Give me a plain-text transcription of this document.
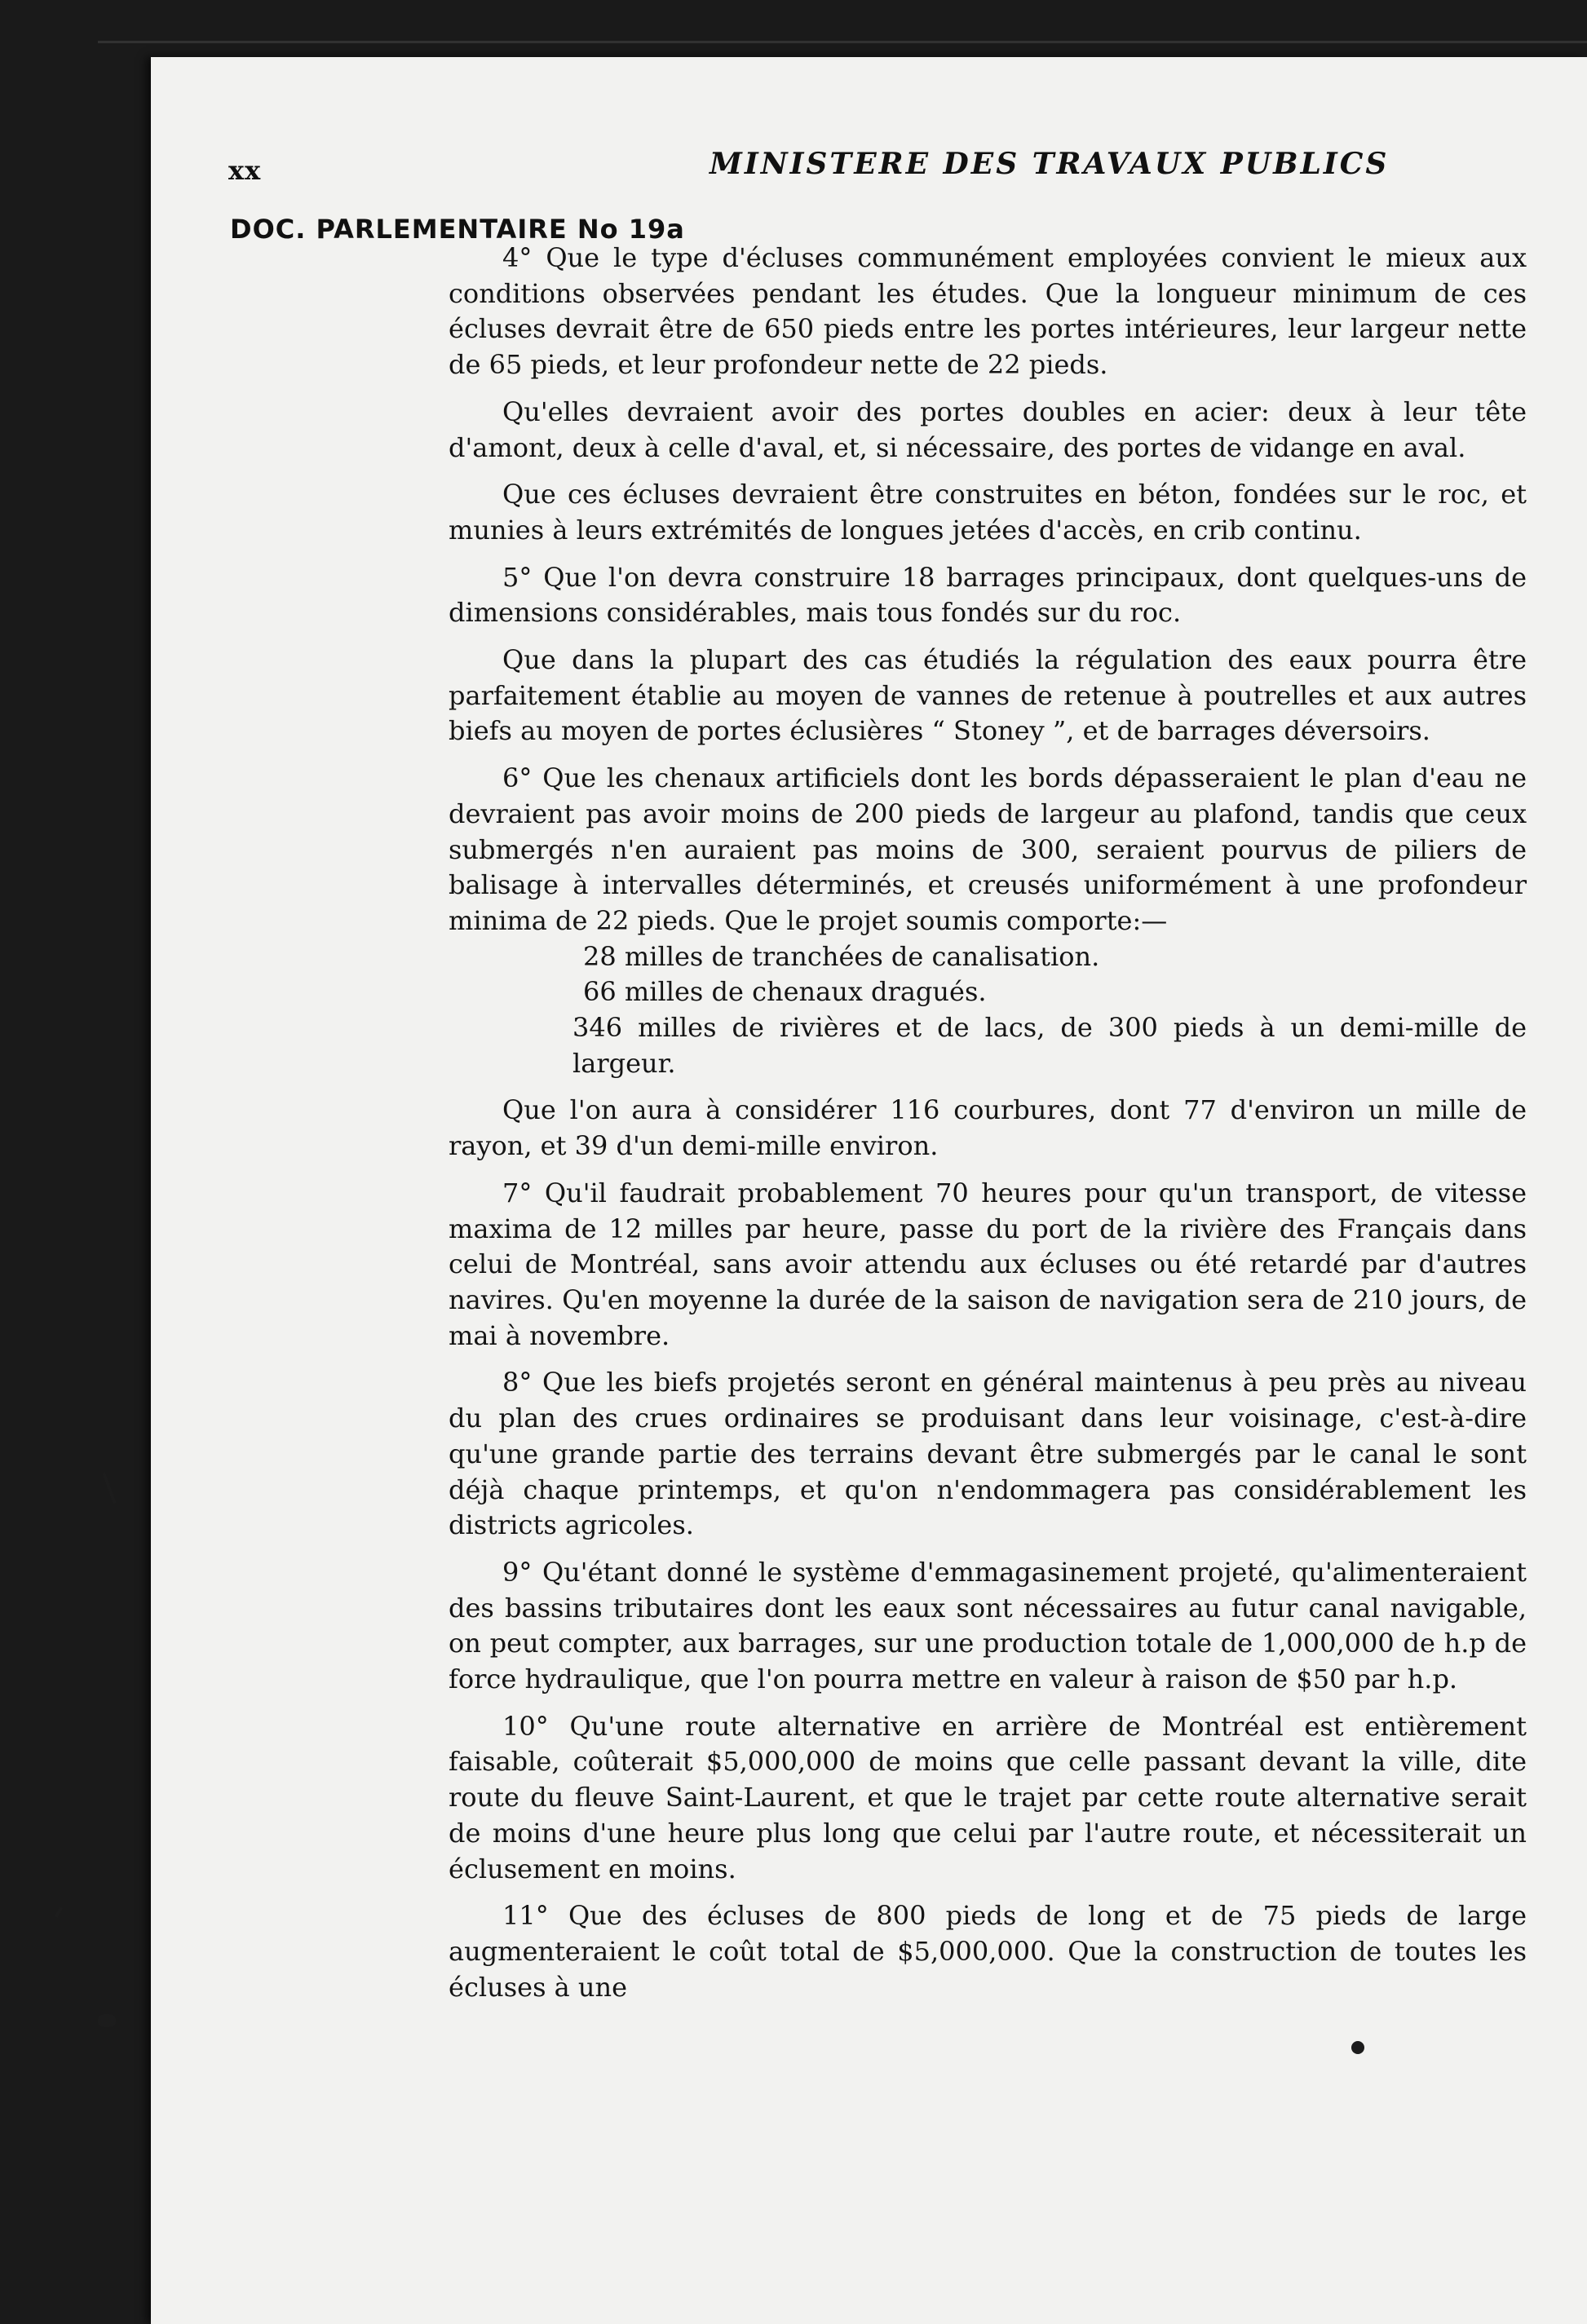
xx	MINISTERE DES TRAVAUX PUBLICS
DOC. PARLEMENTAIRE No 19a

4° Que le type d'écluses communément employées convient le mieux aux conditions observées pendant les études. Que la longueur minimum de ces écluses devrait être de 650 pieds entre les portes intérieures, leur largeur nette de 65 pieds, et leur profondeur nette de 22 pieds.

Qu'elles devraient avoir des portes doubles en acier: deux à leur tête d'amont, deux à celle d'aval, et, si nécessaire, des portes de vidange en aval.

Que ces écluses devraient être construites en béton, fondées sur le roc, et munies à leurs extrémités de longues jetées d'accès, en crib continu.

5° Que l'on devra construire 18 barrages principaux, dont quelques-uns de dimensions considérables, mais tous fondés sur du roc.

Que dans la plupart des cas étudiés la régulation des eaux pourra être parfaitement établie au moyen de vannes de retenue à poutrelles et aux autres biefs au moyen de portes éclusières “ Stoney ”, et de barrages déversoirs.

6° Que les chenaux artificiels dont les bords dépasseraient le plan d'eau ne devraient pas avoir moins de 200 pieds de largeur au plafond, tandis que ceux submergés n'en auraient pas moins de 300, seraient pourvus de piliers de balisage à intervalles déterminés, et creusés uniformément à une profondeur minima de 22 pieds. Que le projet soumis comporte:—

28 milles de tranchées de canalisation.

66 milles de chenaux dragués.

346 milles de rivières et de lacs, de 300 pieds à un demi-mille de largeur.

Que l'on aura à considérer 116 courbures, dont 77 d'environ un mille de rayon, et 39 d'un demi-mille environ.

7° Qu'il faudrait probablement 70 heures pour qu'un transport, de vitesse maxima de 12 milles par heure, passe du port de la rivière des Français dans celui de Montréal, sans avoir attendu aux écluses ou été retardé par d'autres navires. Qu'en moyenne la durée de la saison de navigation sera de 210 jours, de mai à novembre.

8° Que les biefs projetés seront en général maintenus à peu près au niveau du plan des crues ordinaires se produisant dans leur voisinage, c'est-à-dire qu'une grande partie des terrains devant être submergés par le canal le sont déjà chaque printemps, et qu'on n'endommagera pas considérablement les districts agricoles.

9° Qu'étant donné le système d'emmagasinement projeté, qu'alimenteraient des bassins tributaires dont les eaux sont nécessaires au futur canal navigable, on peut compter, aux barrages, sur une production totale de 1,000,000 de h.p de force hydraulique, que l'on pourra mettre en valeur à raison de $50 par h.p.

10° Qu'une route alternative en arrière de Montréal est entièrement faisable, coûterait $5,000,000 de moins que celle passant devant la ville, dite route du fleuve Saint-Laurent, et que le trajet par cette route alternative serait de moins d'une heure plus long que celui par l'autre route, et nécessiterait un éclusement en moins.

11° Que des écluses de 800 pieds de long et de 75 pieds de large augmenteraient le coût total de $5,000,000. Que la construction de toutes les écluses à une
